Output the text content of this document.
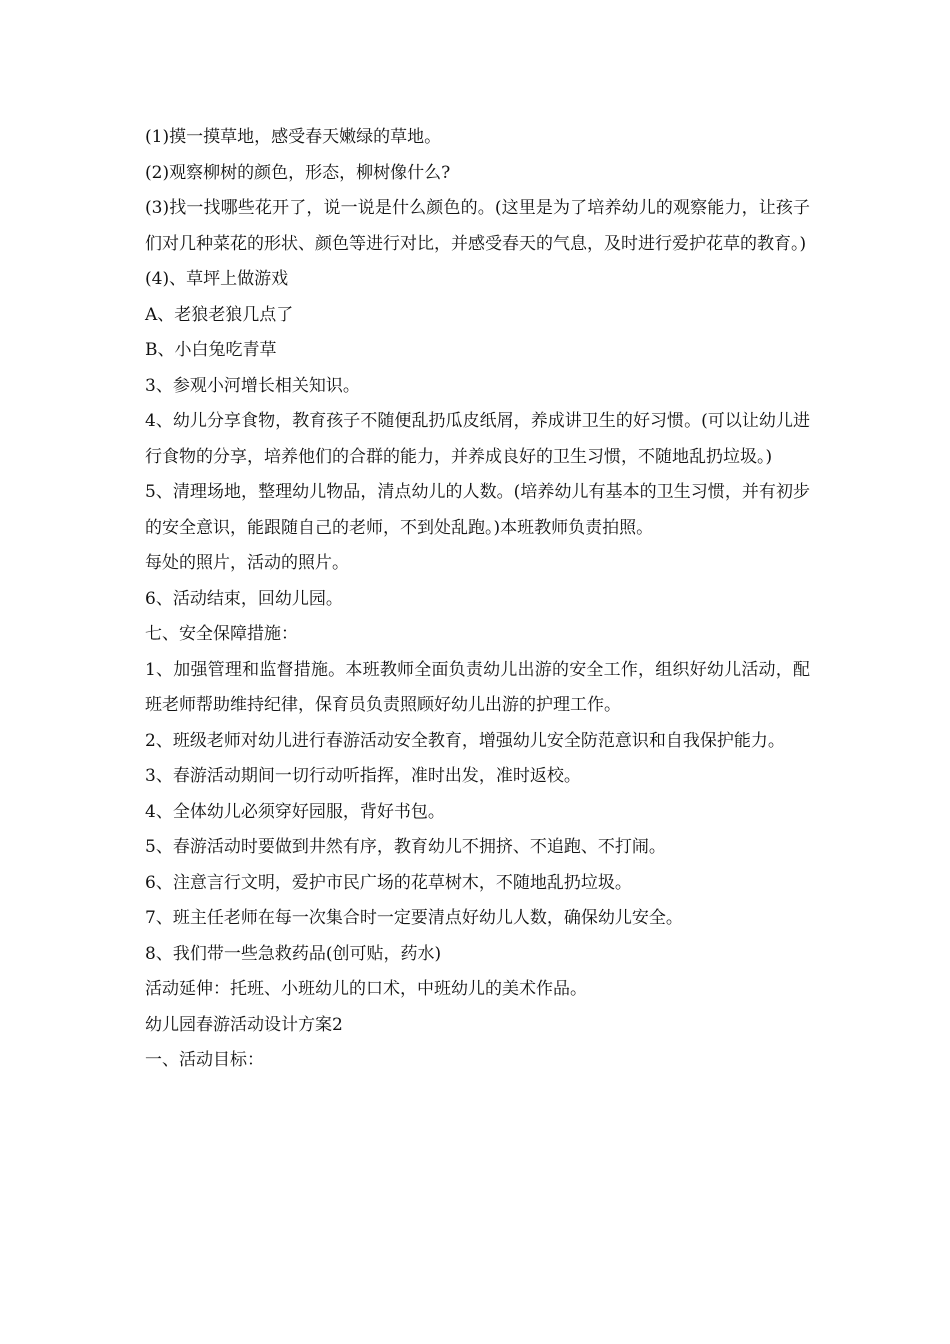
(1)摸一摸草地，感受春天嫩绿的草地。

(2)观察柳树的颜色，形态，柳树像什么?

(3)找一找哪些花开了，说一说是什么颜色的。(这里是为了培养幼儿的观察能力，让孩子们对几种菜花的形状、颜色等进行对比，并感受春天的气息，及时进行爱护花草的教育。)

(4)、草坪上做游戏

A、老狼老狼几点了

B、小白兔吃青草

3、参观小河增长相关知识。

4、幼儿分享食物，教育孩子不随便乱扔瓜皮纸屑，养成讲卫生的好习惯。(可以让幼儿进行食物的分享，培养他们的合群的能力，并养成良好的卫生习惯，不随地乱扔垃圾。)

5、清理场地，整理幼儿物品，清点幼儿的人数。(培养幼儿有基本的卫生习惯，并有初步的安全意识，能跟随自己的老师，不到处乱跑。)本班教师负责拍照。

每处的照片，活动的照片。

6、活动结束，回幼儿园。

七、安全保障措施：

1、加强管理和监督措施。本班教师全面负责幼儿出游的安全工作，组织好幼儿活动，配班老师帮助维持纪律，保育员负责照顾好幼儿出游的护理工作。

2、班级老师对幼儿进行春游活动安全教育，增强幼儿安全防范意识和自我保护能力。

3、春游活动期间一切行动听指挥，准时出发，准时返校。

4、全体幼儿必须穿好园服，背好书包。

5、春游活动时要做到井然有序，教育幼儿不拥挤、不追跑、不打闹。

6、注意言行文明，爱护市民广场的花草树木，不随地乱扔垃圾。

7、班主任老师在每一次集合时一定要清点好幼儿人数，确保幼儿安全。

8、我们带一些急救药品(创可贴，药水)

活动延伸：托班、小班幼儿的口术，中班幼儿的美术作品。

幼儿园春游活动设计方案2

一、活动目标：
